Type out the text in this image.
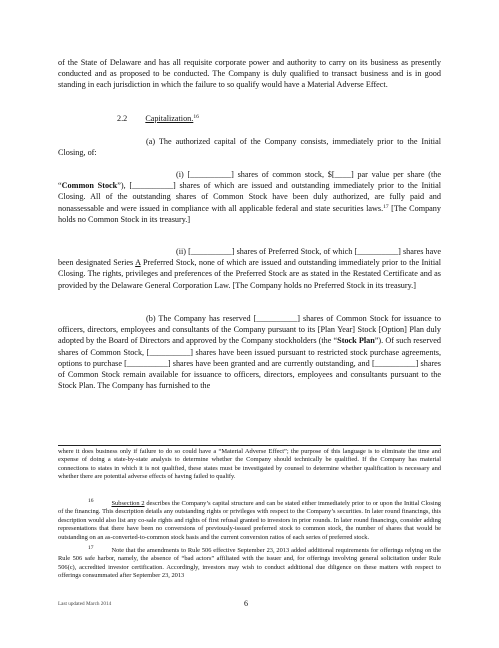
of the State of Delaware and has all requisite corporate power and authority to carry on its business as presently conducted and as proposed to be conducted. The Company is duly qualified to transact business and is in good standing in each jurisdiction in which the failure to so qualify would have a Material Adverse Effect.

2.2 Capitalization.$^{16}$

(a) The authorized capital of the Company consists, immediately prior to the Initial Closing, of:

(i) [__________] shares of common stock, $[____] par value per share (the “Common Stock”), [__________] shares of which are issued and outstanding immediately prior to the Initial Closing. All of the outstanding shares of Common Stock have been duly authorized, are fully paid and nonassessable and were issued in compliance with all applicable federal and state securities laws.$^{17}$ [The Company holds no Common Stock in its treasury.]

(ii) [__________] shares of Preferred Stock, of which [__________] shares have been designated Series A Preferred Stock, none of which are issued and outstanding immediately prior to the Initial Closing. The rights, privileges and preferences of the Preferred Stock are as stated in the Restated Certificate and as provided by the Delaware General Corporation Law. [The Company holds no Preferred Stock in its treasury.]

(b) The Company has reserved [__________] shares of Common Stock for issuance to officers, directors, employees and consultants of the Company pursuant to its [Plan Year] Stock [Option] Plan duly adopted by the Board of Directors and approved by the Company stockholders (the “Stock Plan”). Of such reserved shares of Common Stock, [__________] shares have been issued pursuant to restricted stock purchase agreements, options to purchase [__________] shares have been granted and are currently outstanding, and [__________] shares of Common Stock remain available for issuance to officers, directors, employees and consultants pursuant to the Stock Plan. The Company has furnished to the

where it does business only if failure to do so could have a “Material Adverse Effect”; the purpose of this language is to eliminate the time and expense of doing a state-by-state analysis to determine whether the Company should technically be qualified. If the Company has material connections to states in which it is not qualified, these states must be investigated by counsel to determine whether qualification is necessary and whether there are potential adverse effects of having failed to qualify.

$^{16}$	Subsection 2 describes the Company’s capital structure and can be stated either immediately prior to or upon the Initial Closing of the financing. This description details any outstanding rights or privileges with respect to the Company’s securities. In later round financings, this description would also list any co-sale rights and rights of first refusal granted to investors in prior rounds. In later round financings, consider adding representations that there have been no conversions of previously-issued preferred stock to common stock, the number of shares that would be outstanding on an as-converted-to-common stock basis and the current conversion ratios of each series of preferred stock.

$^{17}$	Note that the amendments to Rule 506 effective September 23, 2013 added additional requirements for offerings relying on the Rule 506 safe harbor, namely, the absence of “bad actors” affiliated with the issuer and, for offerings involving general solicitation under Rule 506(c), accredited investor certification. Accordingly, investors may wish to conduct additional due diligence on these matters with respect to offerings consummated after September 23, 2013

Last updated March 2014	6
